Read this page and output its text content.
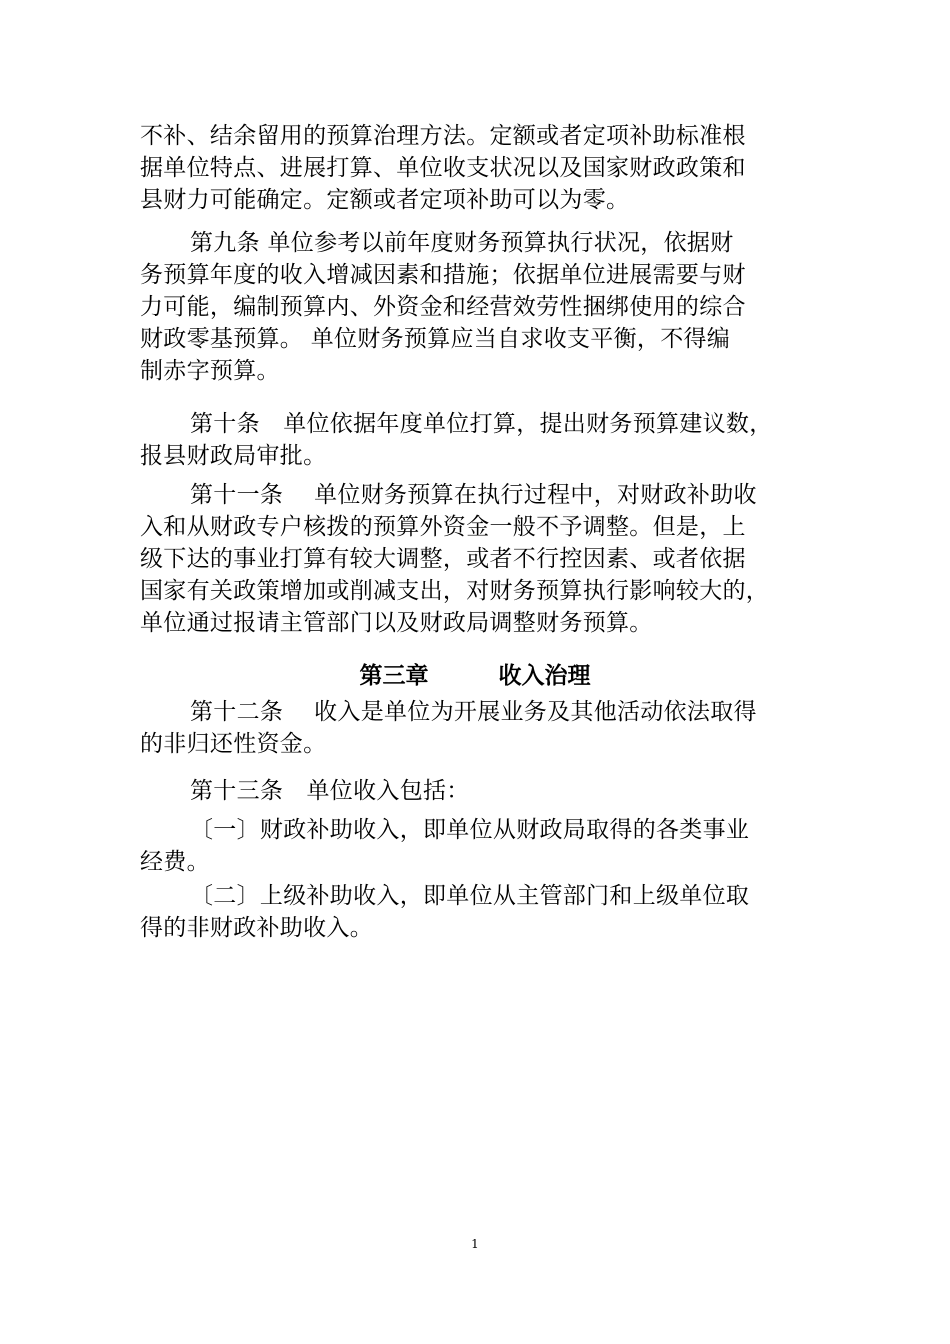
不补、结余留用的预算治理方法。定额或者定项补助标准根
据单位特点、进展打算、单位收支状况以及国家财政政策和
县财力可能确定。定额或者定项补助可以为零。

第九条 单位参考以前年度财务预算执行状况，依据财
务预算年度的收入增减因素和措施；依据单位进展需要与财
力可能，编制预算内、外资金和经营效劳性捆绑使用的综合
财政零基预算。 单位财务预算应当自求收支平衡，不得编
制赤字预算。

第十条　单位依据年度单位打算，提出财务预算建议数，
报县财政局审批。

第十一条　 单位财务预算在执行过程中，对财政补助收
入和从财政专户核拨的预算外资金一般不予调整。但是，上
级下达的事业打算有较大调整，或者不行控因素、或者依据
国家有关政策增加或削减支出，对财务预算执行影响较大的，
单位通过报请主管部门以及财政局调整财务预算。

第三章	收入治理

第十二条　 收入是单位为开展业务及其他活动依法取得
的非归还性资金。

第十三条　单位收入包括：

〔一〕财政补助收入，即单位从财政局取得的各类事业
经费。

〔二〕上级补助收入，即单位从主管部门和上级单位取
得的非财政补助收入。

1
